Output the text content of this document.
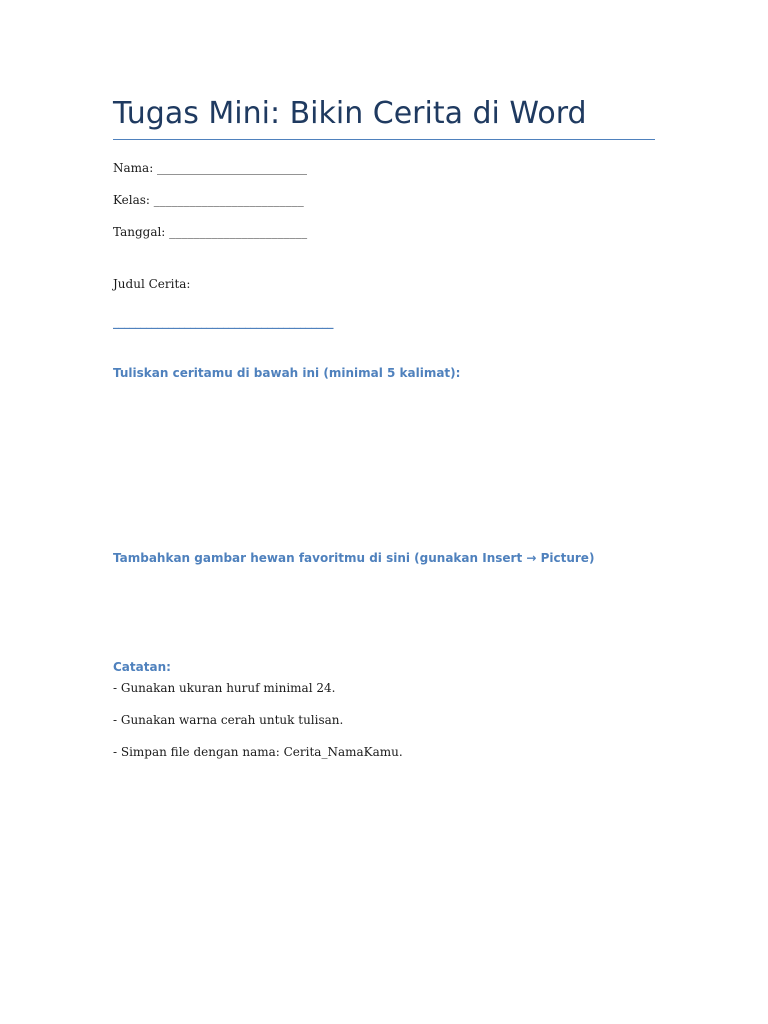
Tugas Mini: Bikin Cerita di Word
Nama: _________________________
Kelas: _________________________
Tanggal: _______________________
Judul Cerita:
________________________________________
Tuliskan ceritamu di bawah ini (minimal 5 kalimat):
Tambahkan gambar hewan favoritmu di sini (gunakan Insert → Picture)
Catatan:
- Gunakan ukuran huruf minimal 24.
- Gunakan warna cerah untuk tulisan.
- Simpan file dengan nama: Cerita_NamaKamu.
